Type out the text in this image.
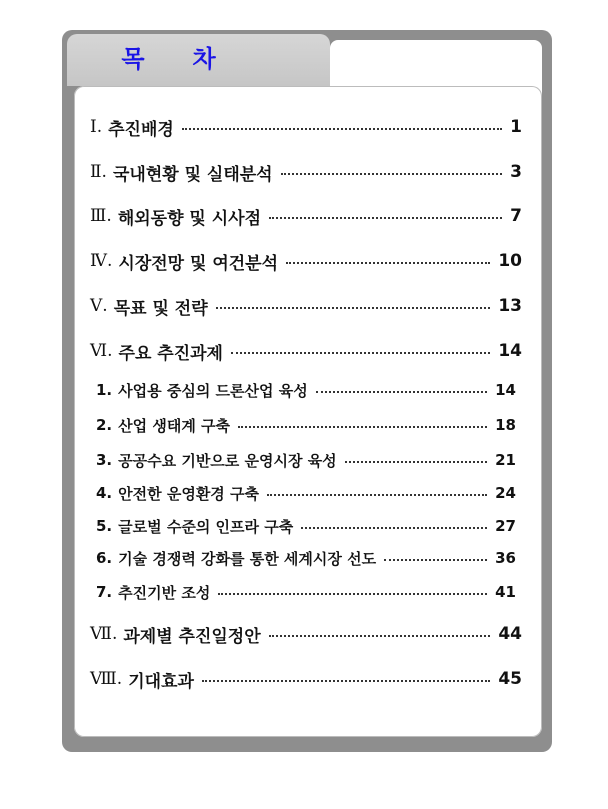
목 차
Ⅰ. 추진배경	1
Ⅱ. 국내현황 및 실태분석	3
Ⅲ. 해외동향 및 시사점	7
Ⅳ. 시장전망 및 여건분석	10
Ⅴ. 목표 및 전략	13
Ⅵ. 주요 추진과제	14
1. 사업용 중심의 드론산업 육성	14
2. 산업 생태계 구축	18
3. 공공수요 기반으로 운영시장 육성	21
4. 안전한 운영환경 구축	24
5. 글로벌 수준의 인프라 구축	27
6. 기술 경쟁력 강화를 통한 세계시장 선도	36
7. 추진기반 조성	41
Ⅶ. 과제별 추진일정안	44
Ⅷ. 기대효과	45
